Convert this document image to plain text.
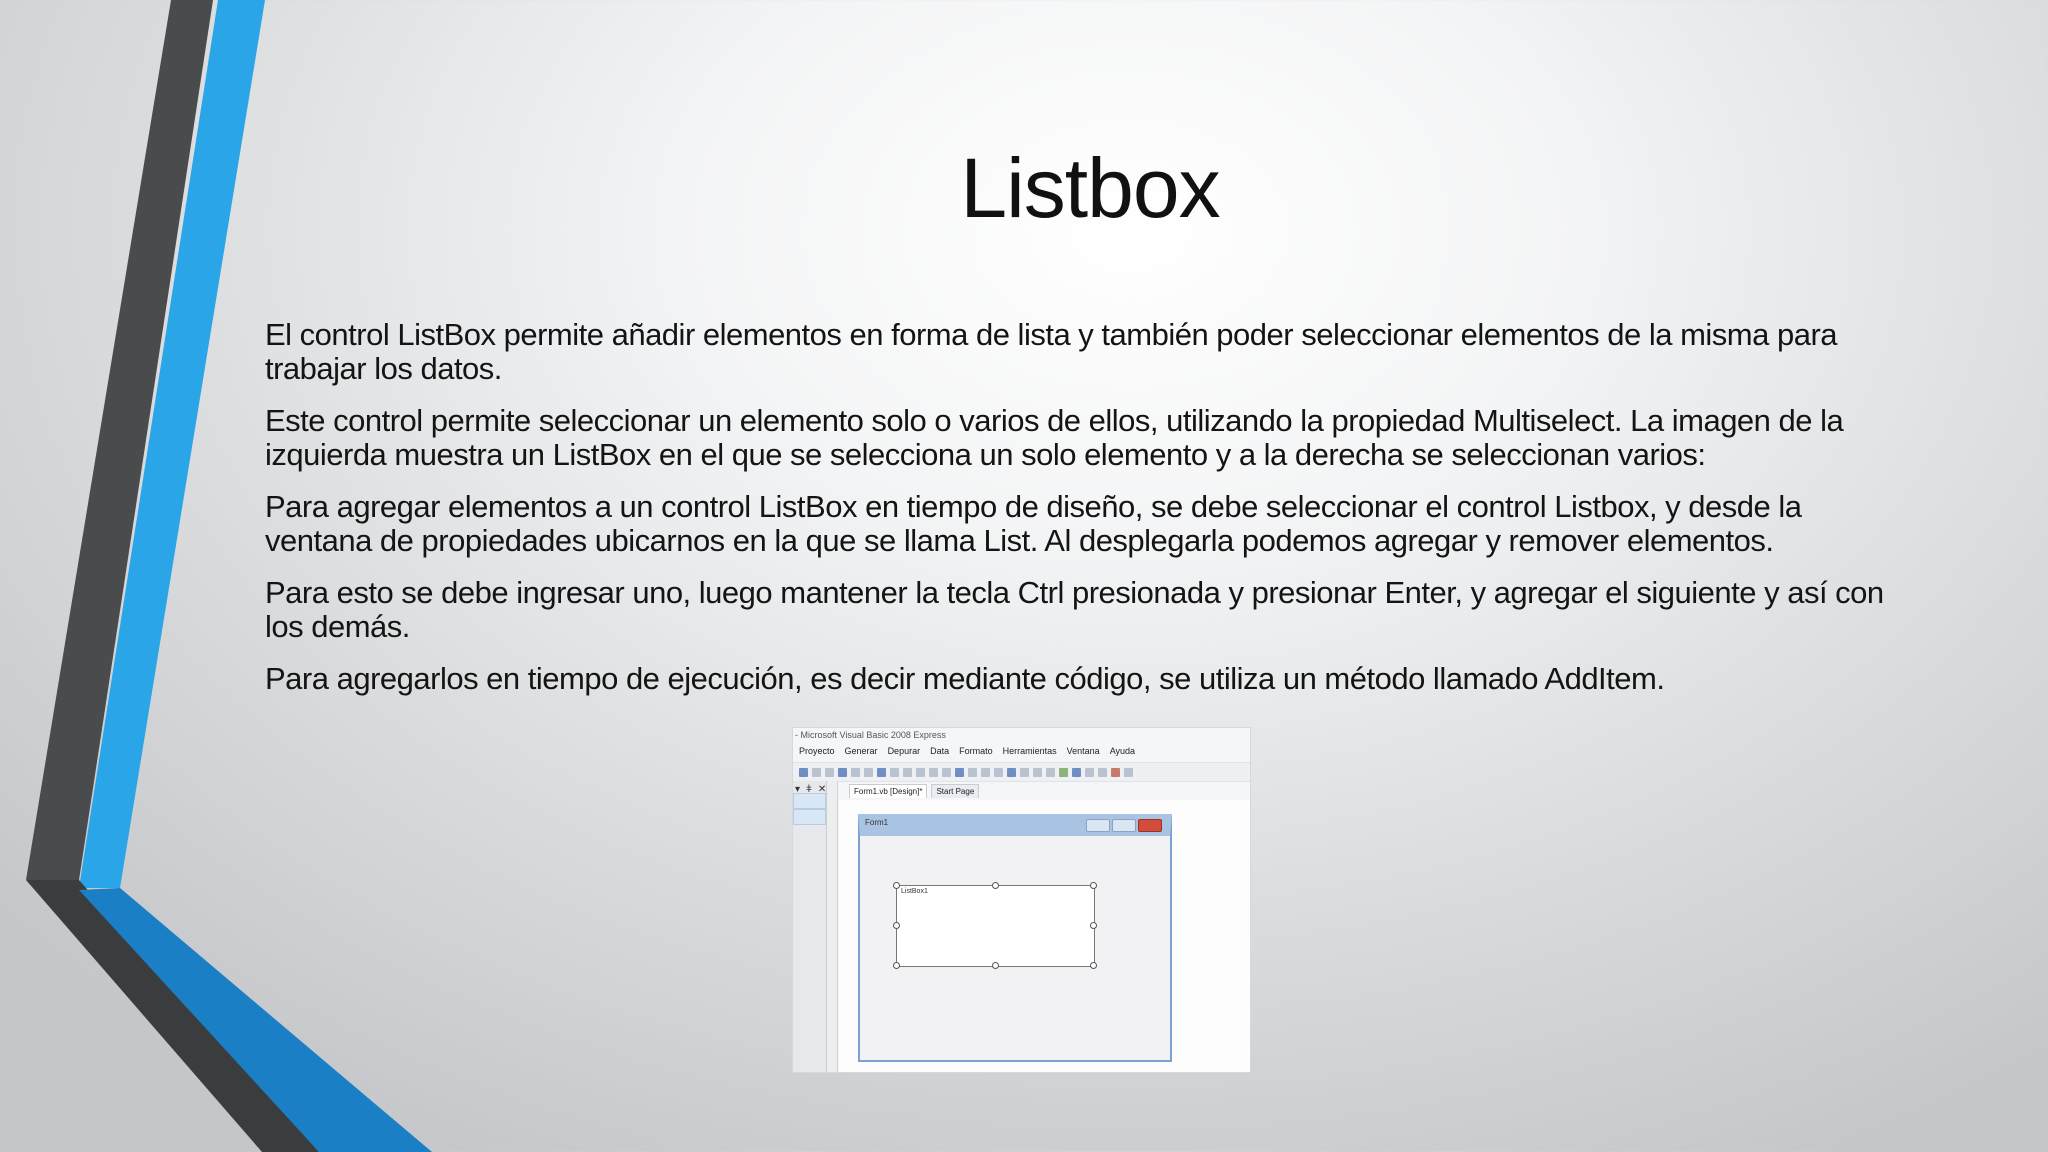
Listbox

El control ListBox permite añadir elementos en forma de lista y también poder seleccionar elementos de la misma para trabajar los datos.

Este control permite seleccionar un elemento solo o varios de ellos, utilizando la propiedad Multiselect. La imagen de la izquierda muestra un ListBox en el que se selecciona un solo elemento y a la derecha se seleccionan varios:

Para agregar elementos a un control ListBox en tiempo de diseño, se debe seleccionar el control Listbox, y desde la ventana de propiedades ubicarnos en la que se llama List. Al desplegarla podemos agregar y remover elementos.

Para esto se debe ingresar uno, luego mantener la tecla Ctrl presionada y presionar Enter, y agregar el siguiente y así con los demás.

Para agregarlos en tiempo de ejecución, es decir mediante código, se utiliza un método llamado AddItem.

- Microsoft Visual Basic 2008 Express
Proyecto Generar Depurar Data Formato Herramientas Ventana Ayuda
▾ ǂ ✕	Form1.vb [Design]*	Start Page
Form1
ListBox1
